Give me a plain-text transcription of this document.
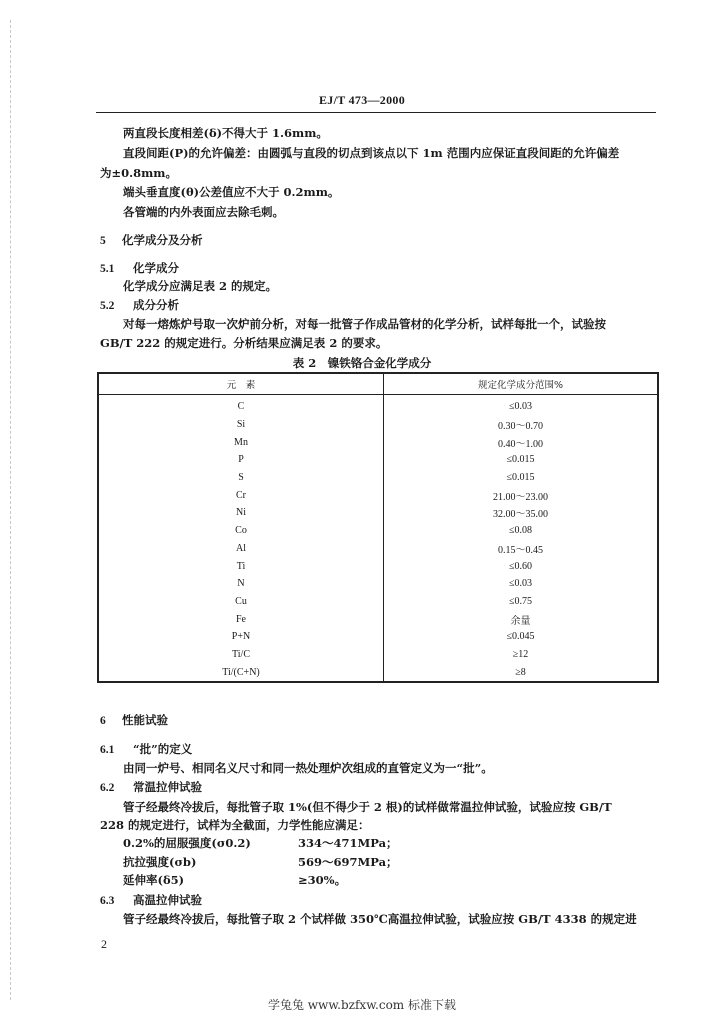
EJ/T 473—2000
两直段长度相差(δ)不得大于 1.6mm。
直段间距(P)的允许偏差：由圆弧与直段的切点到该点以下 1m 范围内应保证直段间距的允许偏差
为±0.8mm。
端头垂直度(θ)公差值应不大于 0.2mm。
各管端的内外表面应去除毛刺。
5 化学成分及分析
5.1 化学成分
化学成分应满足表 2 的规定。
5.2 成分分析
对每一熔炼炉号取一次炉前分析，对每一批管子作成品管材的化学分析，试样每批一个，试验按
GB/T 222 的规定进行。分析结果应满足表 2 的要求。
表 2　镍铁铬合金化学成分
元　素	规定化学成分范围%
C	≤0.03
Si	0.30～0.70
Mn	0.40～1.00
P	≤0.015
S	≤0.015
Cr	21.00～23.00
Ni	32.00～35.00
Co	≤0.08
Al	0.15～0.45
Ti	≤0.60
N	≤0.03
Cu	≤0.75
Fe	余量
P+N	≤0.045
Ti/C	≥12
Ti/(C+N)	≥8
6 性能试验
6.1 “批”的定义
由同一炉号、相同名义尺寸和同一热处理炉次组成的直管定义为一“批”。
6.2 常温拉伸试验
管子经最终冷拔后，每批管子取 1%(但不得少于 2 根)的试样做常温拉伸试验，试验应按 GB/T
228 的规定进行，试样为全截面，力学性能应满足：
0.2%的屈服强度(σ0.2)	334～471MPa；
抗拉强度(σb)	569～697MPa；
延伸率(δ5)	≥30%。
6.3 高温拉伸试验
管子经最终冷拔后，每批管子取 2 个试样做 350℃高温拉伸试验，试验应按 GB/T 4338 的规定进
2
学兔兔 www.bzfxw.com 标准下载
